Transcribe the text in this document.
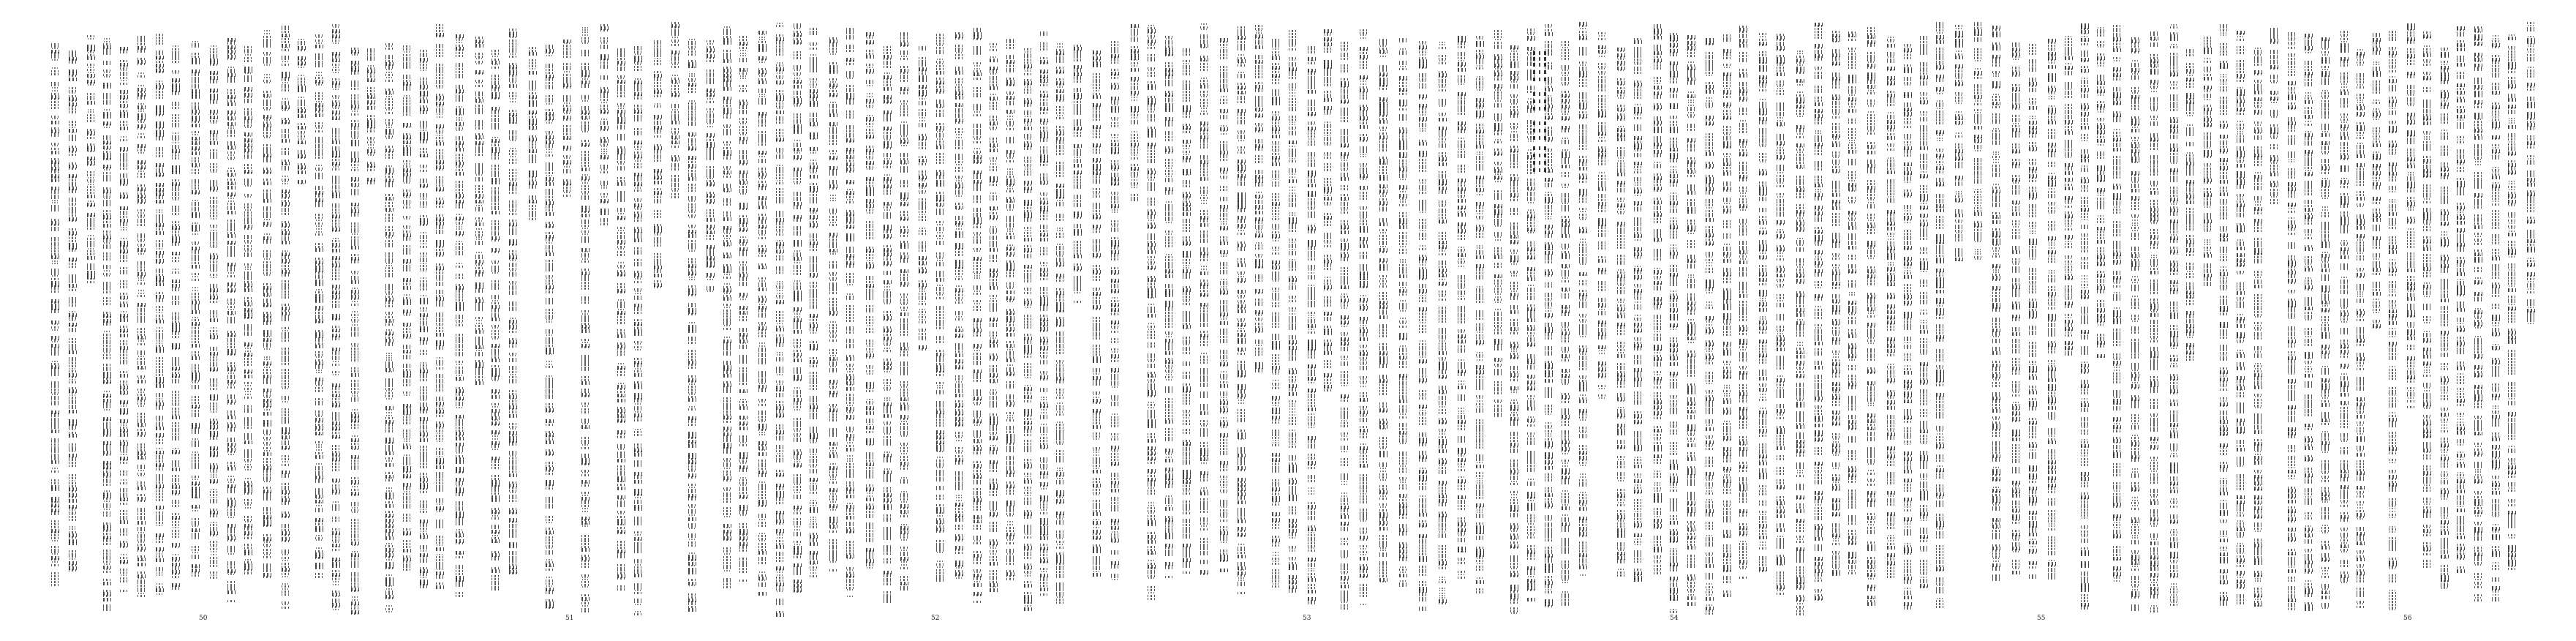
50	51	52	53	54	55	56
